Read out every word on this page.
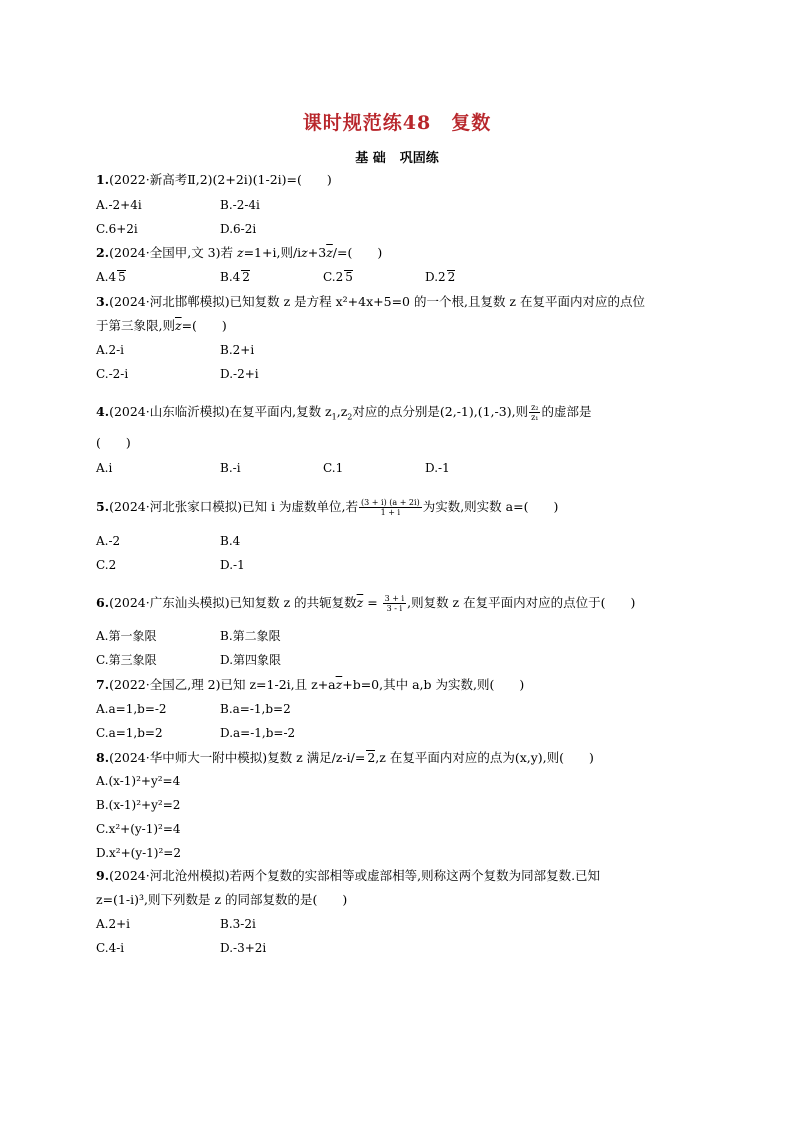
课时规范练48　复数
基 础 巩固练
1.(2022·新高考Ⅱ,2)(2+2i)(1-2i)=(　　)
A.-2+4i	B.-2-4i
C.6+2i	D.6-2i
2.(2024·全国甲,文 3)若 z=1+i,则$/iz+3\overline{z}/=$(　　)
A.4 5	B.4 2	C.2 5	D.2 2
3.(2024·河北邯郸模拟)已知复数 z 是方程 x²+4x+5=0 的一个根,且复数 z 在复平面内对应的点位
于第三象限,则$\overline{z}=$(　　)
A.2-i	B.2+i
C.-2-i	D.-2+i
4.(2024·山东临沂模拟)在复平面内,复数 $z_1,z_2$对应的点分别是(2,-1),(1,-3),则 $\frac{\text{z₂}}{\text{z₁}}$ 的虚部是
(　　)
A.i	B.-i	C.1	D.-1
5.(2024·河北张家口模拟)已知 i 为虚数单位,若 $\frac{(3 + i) (a + 2i)}{1 + i}$ 为实数,则实数 a=(　　)
A.-2	B.4
C.2	D.-1
6.(2024·广东汕头模拟)已知复数 z 的共轭复数$\overline{z} = \frac{3 + i}{3 - i}$ ,则复数 z 在复平面内对应的点位于(　　)
A.第一象限	B.第二象限
C.第三象限	D.第四象限
7.(2022·全国乙,理 2)已知 z=1-2i,且 $z+a\overline{z}+b=0$,其中 a,b 为实数,则(　　)
A.a=1,b=-2	B.a=-1,b=2
C.a=1,b=2	D.a=-1,b=-2
8.(2024·华中师大一附中模拟)复数 z 满足/z-i/= 2,z 在复平面内对应的点为(x,y),则(　　)
A.(x-1)²+y²=4
B.(x-1)²+y²=2
C.x²+(y-1)²=4
D.x²+(y-1)²=2
9.(2024·河北沧州模拟)若两个复数的实部相等或虚部相等,则称这两个复数为同部复数.已知
z=(1-i)³,则下列数是 z 的同部复数的是(　　)
A.2+i	B.3-2i
C.4-i	D.-3+2i
